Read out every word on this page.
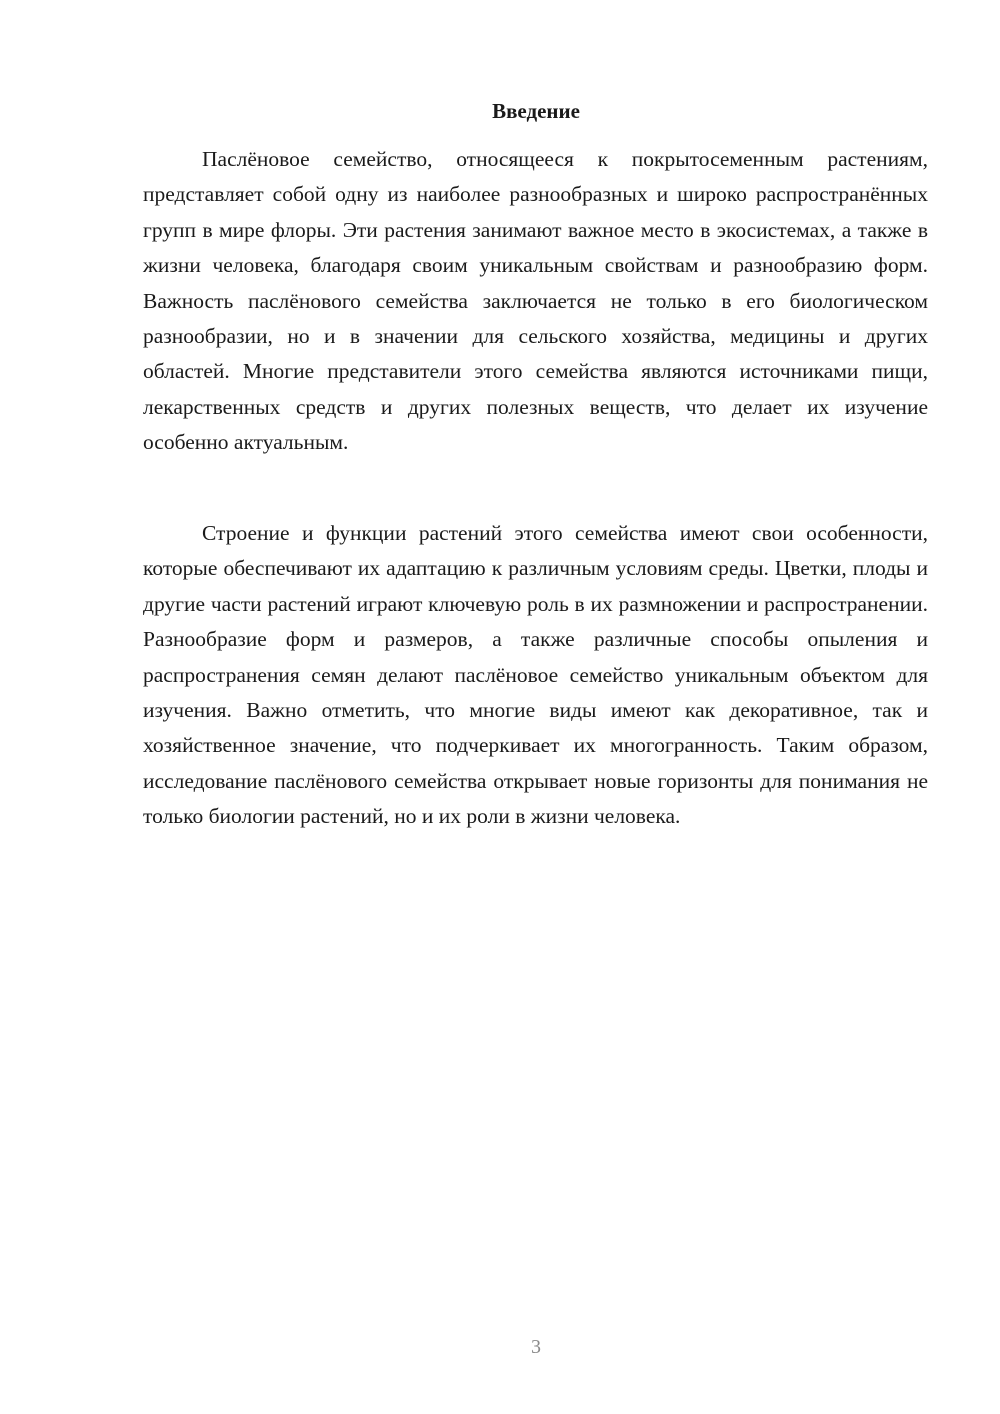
Введение

Паслёновое семейство, относящееся к покрытосеменным растениям, представляет собой одну из наиболее разнообразных и широко распространённых групп в мире флоры. Эти растения занимают важное место в экосистемах, а также в жизни человека, благодаря своим уникальным свойствам и разнообразию форм. Важность паслёнового семейства заключается не только в его биологическом разнообразии, но и в значении для сельского хозяйства, медицины и других областей. Многие представители этого семейства являются источниками пищи, лекарственных средств и других полезных веществ, что делает их изучение особенно актуальным.

Строение и функции растений этого семейства имеют свои особенности, которые обеспечивают их адаптацию к различным условиям среды. Цветки, плоды и другие части растений играют ключевую роль в их размножении и распространении. Разнообразие форм и размеров, а также различные способы опыления и распространения семян делают паслёновое семейство уникальным объектом для изучения. Важно отметить, что многие виды имеют как декоративное, так и хозяйственное значение, что подчеркивает их многогранность. Таким образом, исследование паслёнового семейства открывает новые горизонты для понимания не только биологии растений, но и их роли в жизни человека.

3
